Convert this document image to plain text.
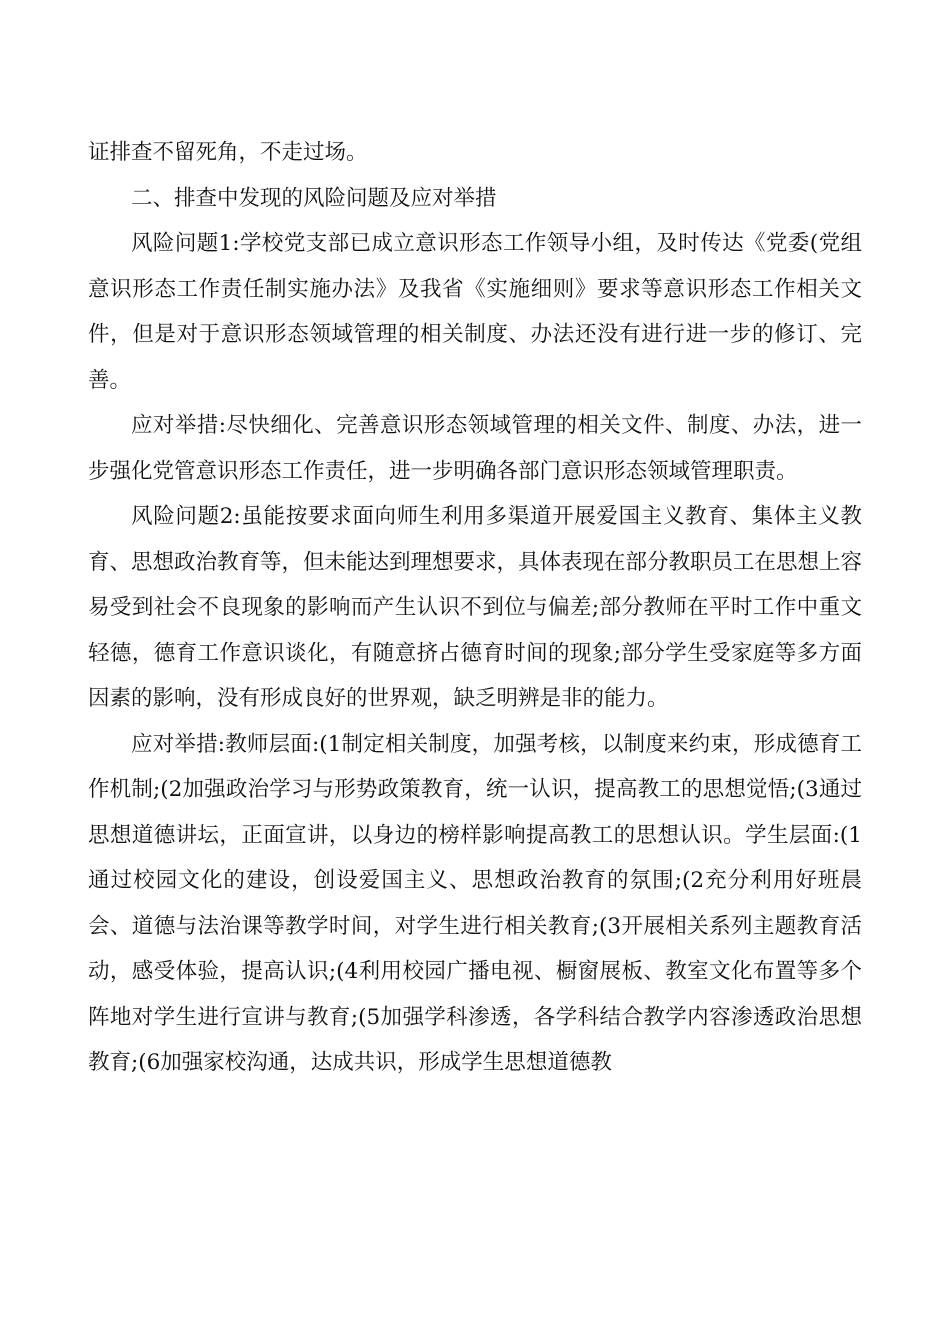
证排查不留死角，不走过场。

二、排查中发现的风险问题及应对举措

风险问题1:学校党支部已成立意识形态工作领导小组，及时传达《党委(党组意识形态工作责任制实施办法》及我省《实施细则》要求等意识形态工作相关文件，但是对于意识形态领域管理的相关制度、办法还没有进行进一步的修订、完善。

应对举措:尽快细化、完善意识形态领域管理的相关文件、制度、办法，进一步强化党管意识形态工作责任，进一步明确各部门意识形态领域管理职责。

风险问题2:虽能按要求面向师生利用多渠道开展爱国主义教育、集体主义教育、思想政治教育等，但未能达到理想要求，具体表现在部分教职员工在思想上容易受到社会不良现象的影响而产生认识不到位与偏差;部分教师在平时工作中重文轻德，德育工作意识谈化，有随意挤占德育时间的现象;部分学生受家庭等多方面因素的影响，没有形成良好的世界观，缺乏明辨是非的能力。

应对举措:教师层面:(1制定相关制度，加强考核，以制度来约束，形成德育工作机制;(2加强政治学习与形势政策教育，统一认识，提高教工的思想觉悟;(3通过思想道德讲坛，正面宣讲，以身边的榜样影响提高教工的思想认识。学生层面:(1通过校园文化的建设，创设爱国主义、思想政治教育的氛围;(2充分利用好班晨会、道德与法治课等教学时间，对学生进行相关教育;(3开展相关系列主题教育活动，感受体验，提高认识;(4利用校园广播电视、橱窗展板、教室文化布置等多个阵地对学生进行宣讲与教育;(5加强学科渗透，各学科结合教学内容渗透政治思想教育;(6加强家校沟通，达成共识，形成学生思想道德教
